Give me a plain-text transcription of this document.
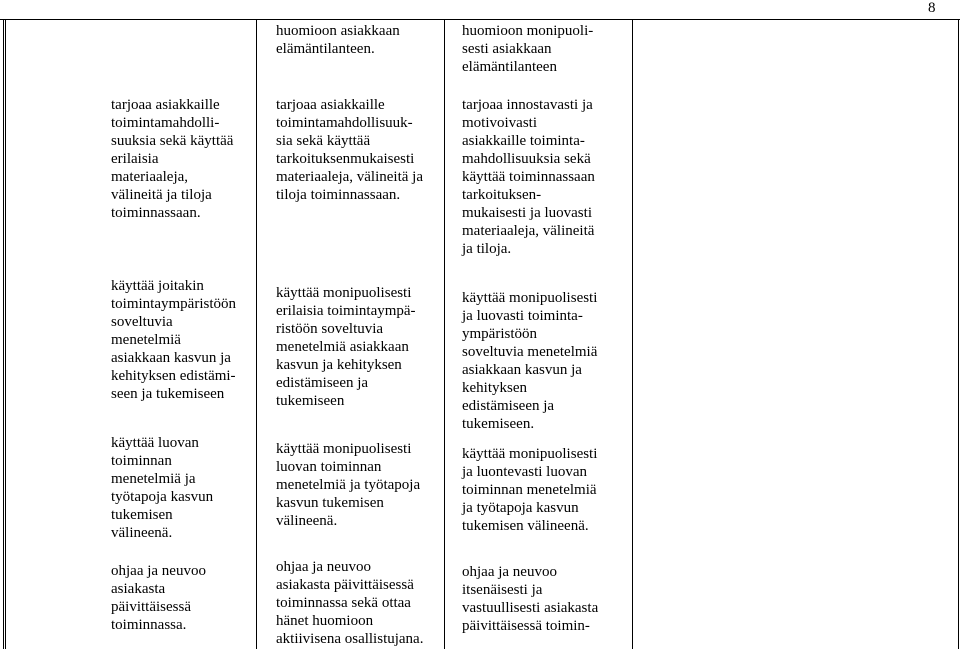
8
tarjoaa asiakkaille
toimintamahdolli-
suuksia sekä käyttää
erilaisia
materiaaleja,
välineitä ja tiloja
toiminnassaan.
käyttää joitakin
toimintaympäristöön
soveltuvia
menetelmiä
asiakkaan kasvun ja
kehityksen edistämi-
seen ja tukemiseen
käyttää luovan
toiminnan
menetelmiä ja
työtapoja kasvun
tukemisen
välineenä.
ohjaa ja neuvoo
asiakasta
päivittäisessä
toiminnassa.
huomioon asiakkaan
elämäntilanteen.
tarjoaa asiakkaille
toimintamahdollisuuk-
sia sekä käyttää
tarkoituksenmukaisesti
materiaaleja, välineitä ja
tiloja toiminnassaan.
käyttää monipuolisesti
erilaisia toimintaympä-
ristöön soveltuvia
menetelmiä asiakkaan
kasvun ja kehityksen
edistämiseen ja
tukemiseen
käyttää monipuolisesti
luovan toiminnan
menetelmiä ja työtapoja
kasvun tukemisen
välineenä.
ohjaa ja neuvoo
asiakasta päivittäisessä
toiminnassa sekä ottaa
hänet huomioon
aktiivisena osallistujana.
huomioon monipuoli-
sesti asiakkaan
elämäntilanteen
tarjoaa innostavasti ja
motivoivasti
asiakkaille toiminta-
mahdollisuuksia sekä
käyttää toiminnassaan
tarkoituksen-
mukaisesti ja luovasti
materiaaleja, välineitä
ja tiloja.
käyttää monipuolisesti
ja luovasti toiminta-
ympäristöön
soveltuvia menetelmiä
asiakkaan kasvun ja
kehityksen
edistämiseen ja
tukemiseen.
käyttää monipuolisesti
ja luontevasti luovan
toiminnan menetelmiä
ja työtapoja kasvun
tukemisen välineenä.
ohjaa ja neuvoo
itsenäisesti ja
vastuullisesti asiakasta
päivittäisessä toimin-
